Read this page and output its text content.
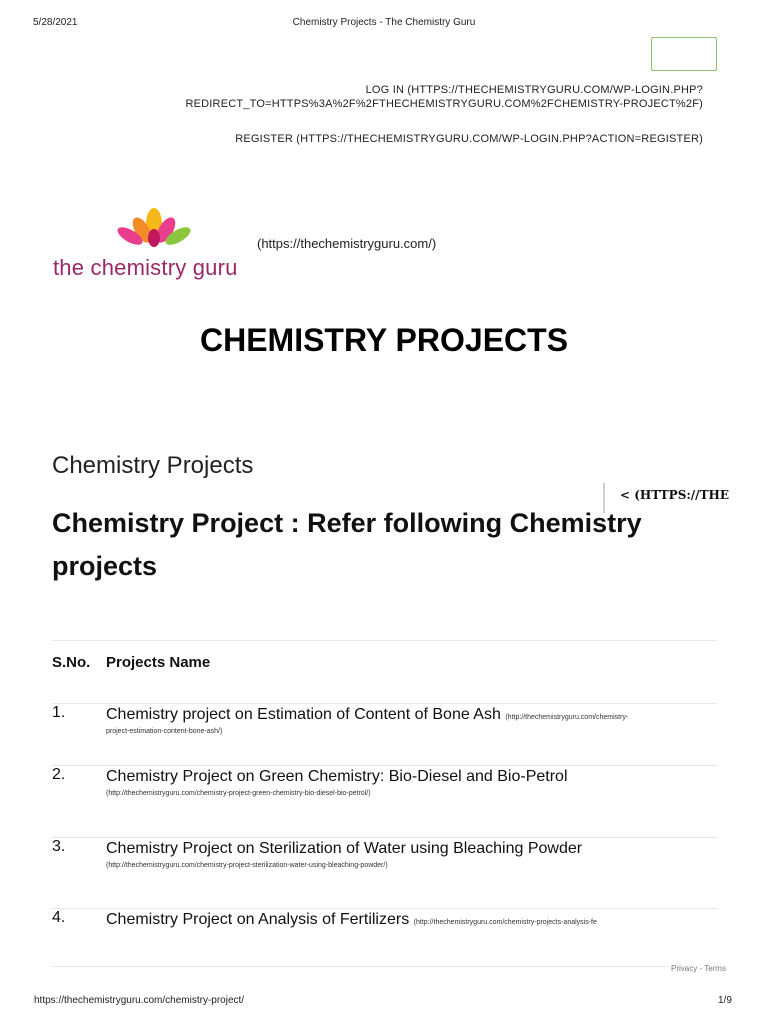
5/28/2021	Chemistry Projects - The Chemistry Guru
LOG IN (HTTPS://THECHEMISTRYGURU.COM/WP-LOGIN.PHP?
REDIRECT_TO=HTTPS%3A%2F%2FTHECHEMISTRYGURU.COM%2FCHEMISTRY-PROJECT%2F)
REGISTER (HTTPS://THECHEMISTRYGURU.COM/WP-LOGIN.PHP?ACTION=REGISTER)
the chemistry guru
(https://thechemistryguru.com/)
CHEMISTRY PROJECTS
Chemistry Projects
< (HTTPS://THE
Chemistry Project : Refer following Chemistry projects
S.No.	Projects Name
1.	Chemistry project on Estimation of Content of Bone Ash (http://thechemistryguru.com/chemistry-
project-estimation-content-bone-ash/)

2.	Chemistry Project on Green Chemistry: Bio-Diesel and Bio-Petrol
(http://thechemistryguru.com/chemistry-project-green-chemistry-bio-diesel-bio-petrol/)

3.	Chemistry Project on Sterilization of Water using Bleaching Powder
(http://thechemistryguru.com/chemistry-project-sterilization-water-using-bleaching-powder/)

4.	Chemistry Project on Analysis of Fertilizers (http://thechemistryguru.com/chemistry-projects-analysis-fe
Privacy - Terms
https://thechemistryguru.com/chemistry-project/	1/9
